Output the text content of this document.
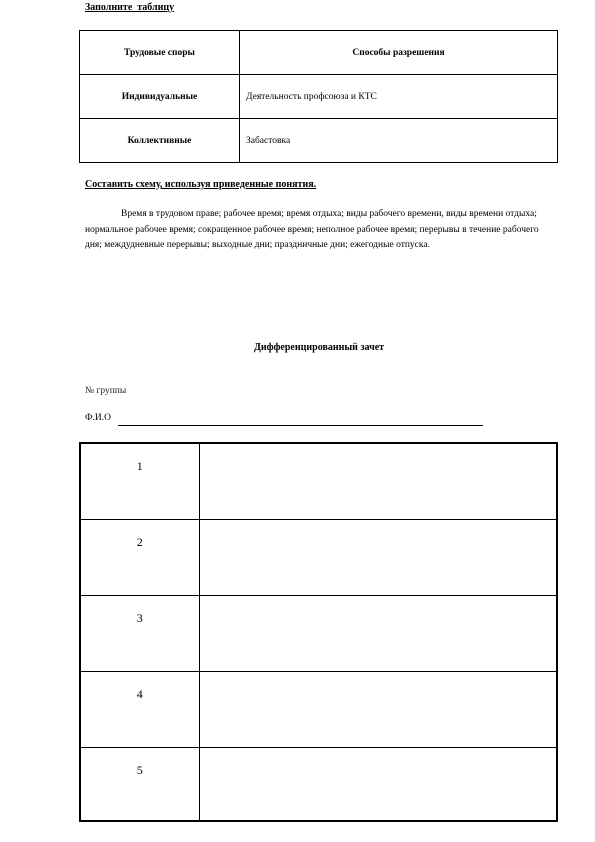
Заполните  таблицу
Трудовые споры	Способы разрешения
Индивидуальные	Деятельность профсоюза и КТС
Коллективные	Забастовка
Составить схему, используя приведенные понятия.
Время в трудовом праве; рабочее время; время отдыха; виды рабочего времени, виды времени отдыха; нормальное рабочее время; сокращенное рабочее время; неполное рабочее время; перерывы в течение рабочего дня; междудневные перерывы; выходные дни; праздничные дни; ежегодные отпуска.
Дифференцированный зачет
№ группы
Ф.И.О
1	
2	
3	
4	
5	
